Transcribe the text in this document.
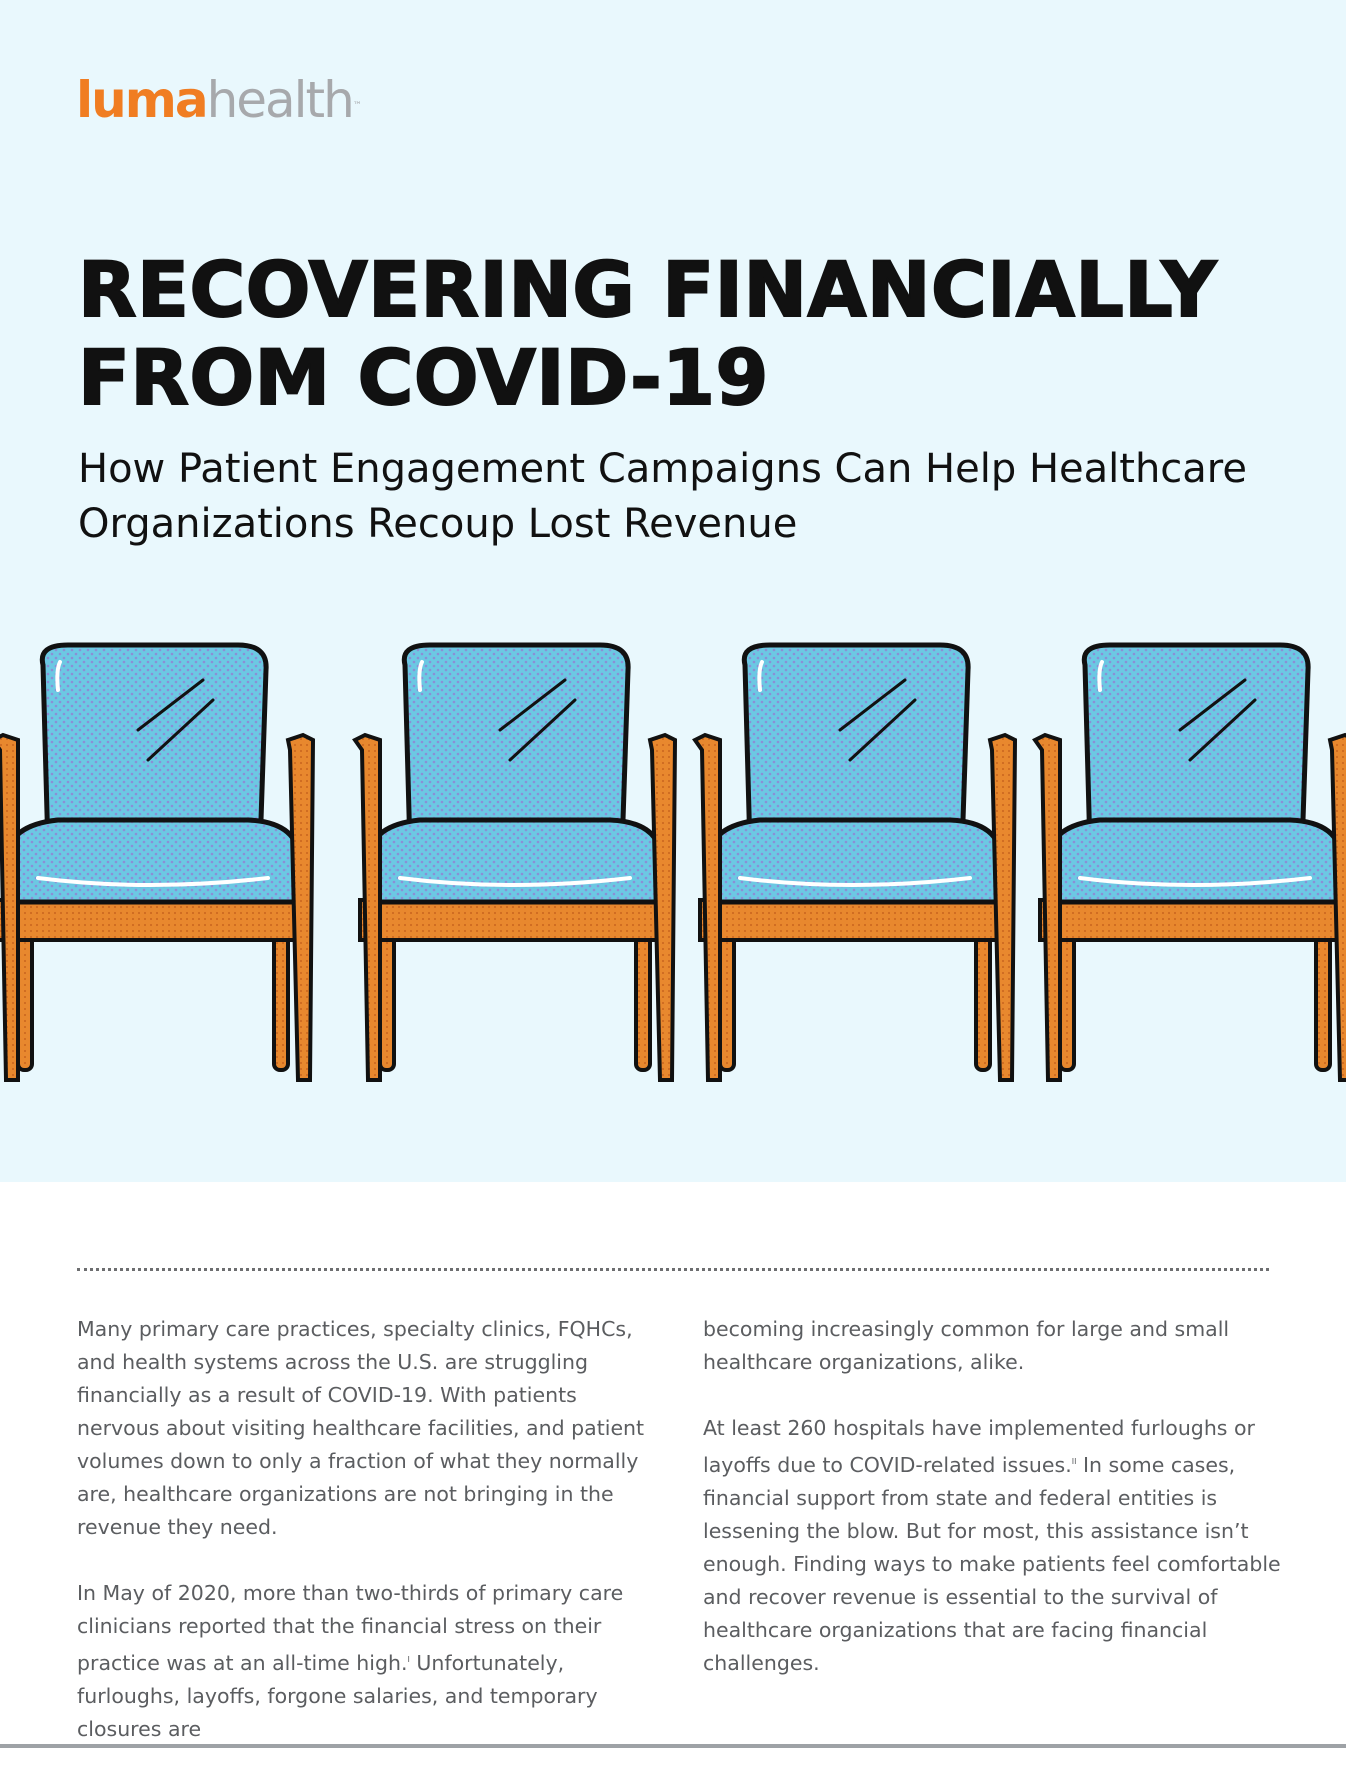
lumahealth™
RECOVERING FINANCIALLY
FROM COVID-19
How Patient Engagement Campaigns Can Help Healthcare
Organizations Recoup Lost Revenue

Many primary care practices, specialty clinics, FQHCs, and health systems across the U.S. are struggling financially as a result of COVID-19. With patients nervous about visiting healthcare facilities, and patient volumes down to only a fraction of what they normally are, healthcare organizations are not bringing in the revenue they need.

In May of 2020, more than two-thirds of primary care clinicians reported that the financial stress on their practice was at an all-time high.$^I$ Unfortunately, furloughs, layoffs, forgone salaries, and temporary closures are

becoming increasingly common for large and small healthcare organizations, alike.

At least 260 hospitals have implemented furloughs or layoffs due to COVID-related issues.$^{II}$ In some cases, financial support from state and federal entities is lessening the blow. But for most, this assistance isn’t enough. Finding ways to make patients feel comfortable and recover revenue is essential to the survival of healthcare organizations that are facing financial challenges.
